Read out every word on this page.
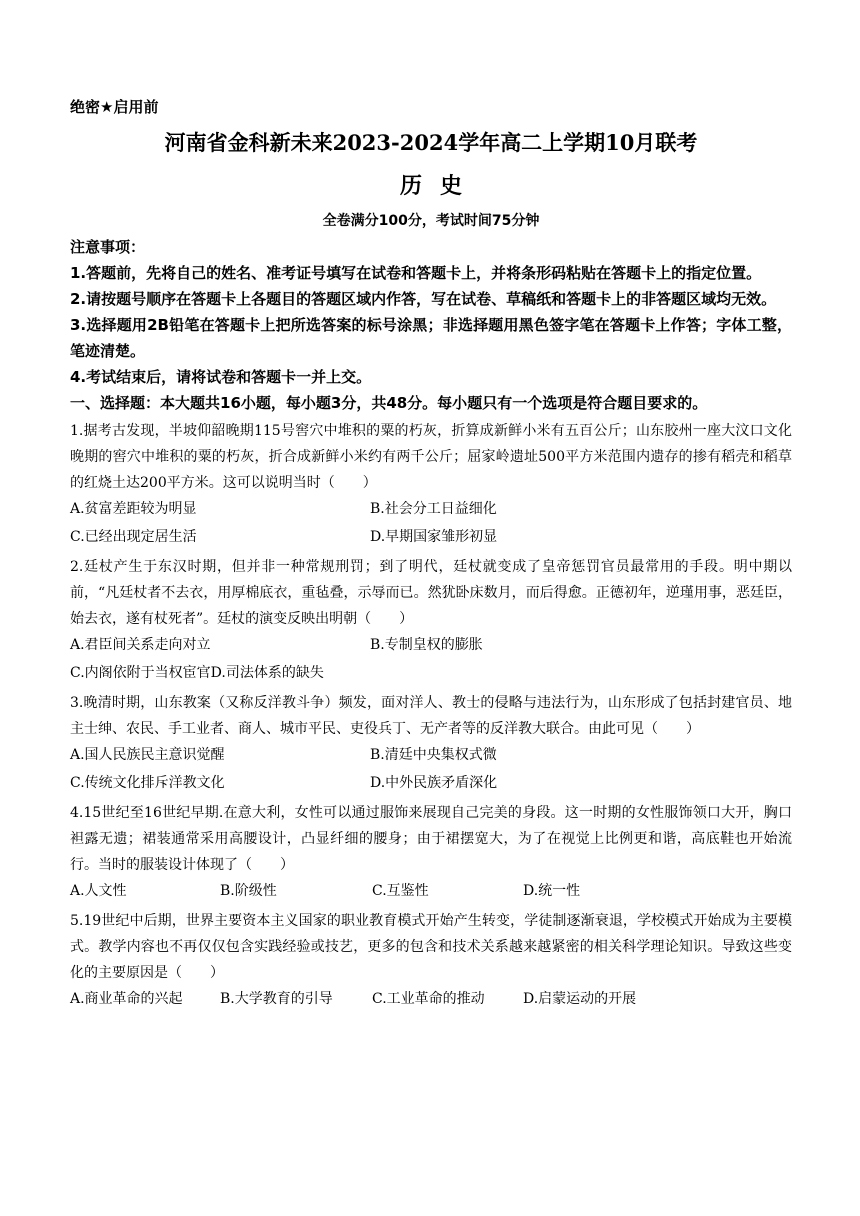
绝密★启用前
河南省金科新未来2023-2024学年高二上学期10月联考
历史
全卷满分100分，考试时间75分钟
注意事项：
1.答题前，先将自己的姓名、准考证号填写在试卷和答题卡上，并将条形码粘贴在答题卡上的指定位置。
2.请按题号顺序在答题卡上各题目的答题区域内作答，写在试卷、草稿纸和答题卡上的非答题区域均无效。
3.选择题用2B铅笔在答题卡上把所选答案的标号涂黑；非选择题用黑色签字笔在答题卡上作答；字体工整，笔迹清楚。
4.考试结束后，请将试卷和答题卡一并上交。
一、选择题：本大题共16小题，每小题3分，共48分。每小题只有一个选项是符合题目要求的。
1.据考古发现，半坡仰韶晚期115号窖穴中堆积的粟的朽灰，折算成新鲜小米有五百公斤；山东胶州一座大汶口文化晚期的窖穴中堆积的粟的朽灰，折合成新鲜小米约有两千公斤；屈家岭遗址500平方米范围内遗存的掺有稻壳和稻草的红烧土达200平方米。这可以说明当时（　　）
A.贫富差距较为明显	B.社会分工日益细化
C.已经出现定居生活	D.早期国家雏形初显
2.廷杖产生于东汉时期，但并非一种常规刑罚；到了明代，廷杖就变成了皇帝惩罚官员最常用的手段。明中期以前，“凡廷杖者不去衣，用厚棉底衣，重毡叠，示辱而已。然犹卧床数月，而后得愈。正德初年，逆瑾用事，恶廷臣，始去衣，遂有杖死者”。廷杖的演变反映出明朝（　　）
A.君臣间关系走向对立	B.专制皇权的膨胀
C.内阁依附于当权宦官D.司法体系的缺失
3.晚清时期，山东教案（又称反洋教斗争）频发，面对洋人、教士的侵略与违法行为，山东形成了包括封建官员、地主士绅、农民、手工业者、商人、城市平民、吏役兵丁、无产者等的反洋教大联合。由此可见（　　）
A.国人民族民主意识觉醒	B.清廷中央集权式微
C.传统文化排斥洋教文化	D.中外民族矛盾深化
4.15世纪至16世纪早期.在意大利，女性可以通过服饰来展现自己完美的身段。这一时期的女性服饰领口大开，胸口袒露无遗；裙装通常采用高腰设计，凸显纤细的腰身；由于裙摆宽大，为了在视觉上比例更和谐，高底鞋也开始流行。当时的服装设计体现了（　　）
A.人文性	B.阶级性	C.互鉴性	D.统一性
5.19世纪中后期，世界主要资本主义国家的职业教育模式开始产生转变，学徒制逐渐衰退，学校模式开始成为主要模式。教学内容也不再仅仅包含实践经验或技艺，更多的包含和技术关系越来越紧密的相关科学理论知识。导致这些变化的主要原因是（　　）
A.商业革命的兴起	B.大学教育的引导	C.工业革命的推动	D.启蒙运动的开展
